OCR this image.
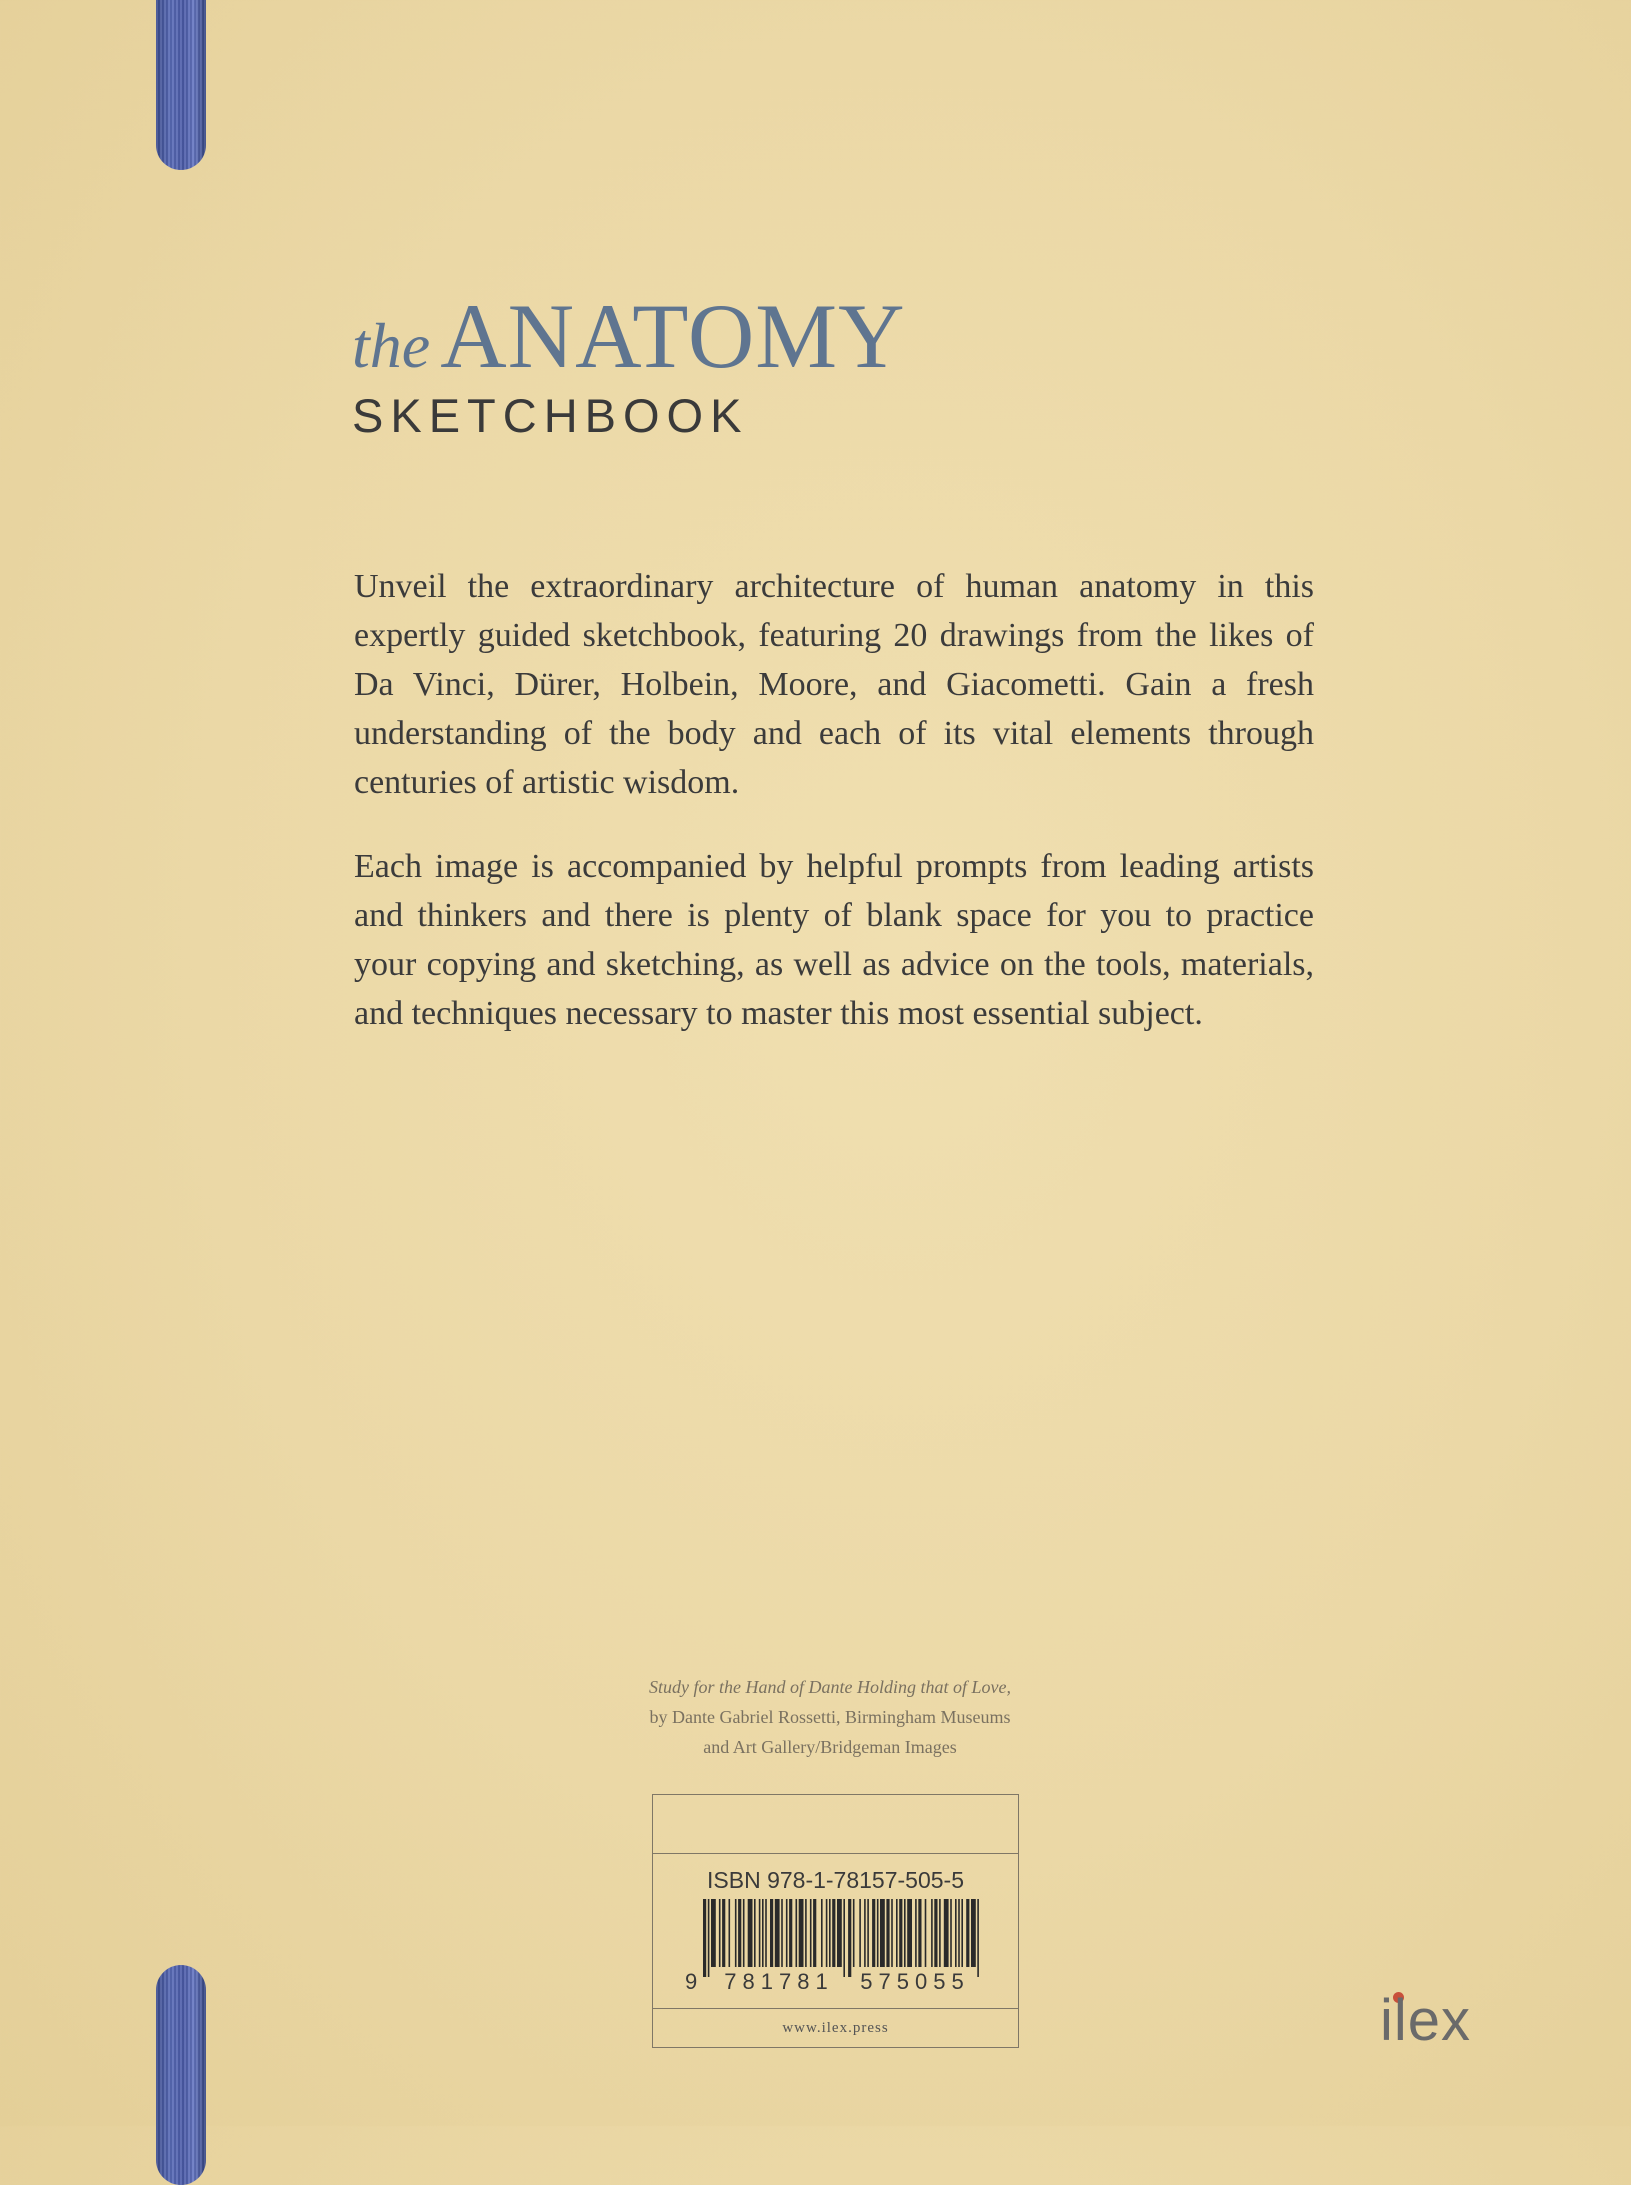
the ANATOMY
SKETCHBOOK

Unveil the extraordinary architecture of human anatomy in this expertly guided sketchbook, featuring 20 drawings from the likes of Da Vinci, Dürer, Holbein, Moore, and Giacometti. Gain a fresh understanding of the body and each of its vital elements through centuries of artistic wisdom.

Each image is accompanied by helpful prompts from leading artists and thinkers and there is plenty of blank space for you to practice your copying and sketching, as well as advice on the tools, materials, and techniques necessary to master this most essential subject.

Study for the Hand of Dante Holding that of Love,
by Dante Gabriel Rossetti, Birmingham Museums
and Art Gallery/Bridgeman Images
ISBN 978-1-78157-505-5
9 781781 575055
www.ilex.press	ilex
